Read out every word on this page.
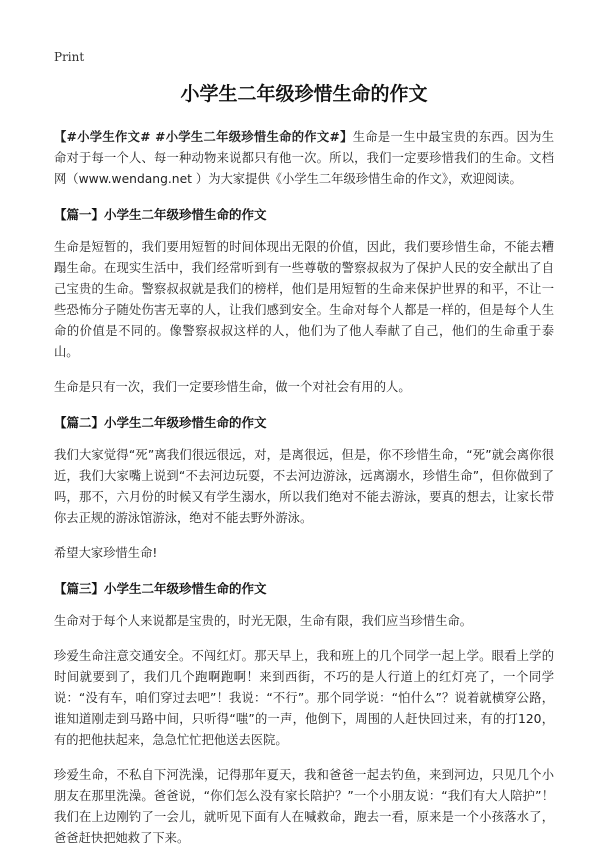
Print
小学生二年级珍惜生命的作文

【#小学生作文# #小学生二年级珍惜生命的作文#】生命是一生中最宝贵的东西。因为生命对于每一个人、每一种动物来说都只有他一次。所以，我们一定要珍惜我们的生命。文档网（www.wendang.net ）为大家提供《小学生二年级珍惜生命的作文》，欢迎阅读。

【篇一】小学生二年级珍惜生命的作文

生命是短暂的，我们要用短暂的时间体现出无限的价值，因此，我们要珍惜生命，不能去糟蹋生命。在现实生活中，我们经常听到有一些尊敬的警察叔叔为了保护人民的安全献出了自己宝贵的生命。警察叔叔就是我们的榜样，他们是用短暂的生命来保护世界的和平，不让一些恐怖分子随处伤害无辜的人，让我们感到安全。生命对每个人都是一样的，但是每个人生命的价值是不同的。像警察叔叔这样的人，他们为了他人奉献了自己，他们的生命重于泰山。

生命是只有一次，我们一定要珍惜生命，做一个对社会有用的人。

【篇二】小学生二年级珍惜生命的作文

我们大家觉得“死”离我们很远很远，对，是离很远，但是，你不珍惜生命，“死”就会离你很近，我们大家嘴上说到“不去河边玩耍，不去河边游泳，远离溺水，珍惜生命”，但你做到了吗，那不，六月份的时候又有学生溺水，所以我们绝对不能去游泳，要真的想去，让家长带你去正规的游泳馆游泳，绝对不能去野外游泳。

希望大家珍惜生命!

【篇三】小学生二年级珍惜生命的作文

生命对于每个人来说都是宝贵的，时光无限，生命有限，我们应当珍惜生命。

珍爱生命注意交通安全。不闯红灯。那天早上，我和班上的几个同学一起上学。眼看上学的时间就要到了，我们几个跑啊跑啊！来到西街，不巧的是人行道上的红灯亮了，一个同学说：“没有车，咱们穿过去吧”！我说：“不行”。那个同学说：“怕什么”？说着就横穿公路，谁知道刚走到马路中间，只听得“嗤”的一声，他倒下，周围的人赶快回过来，有的打120，有的把他扶起来，急急忙忙把他送去医院。

珍爱生命，不私自下河洗澡，记得那年夏天，我和爸爸一起去钓鱼，来到河边，只见几个小朋友在那里洗澡。爸爸说，“你们怎么没有家长陪护？”一个小朋友说：“我们有大人陪护”！我们在上边刚钓了一会儿，就听见下面有人在喊救命，跑去一看，原来是一个小孩落水了，爸爸赶快把她救了下来。
